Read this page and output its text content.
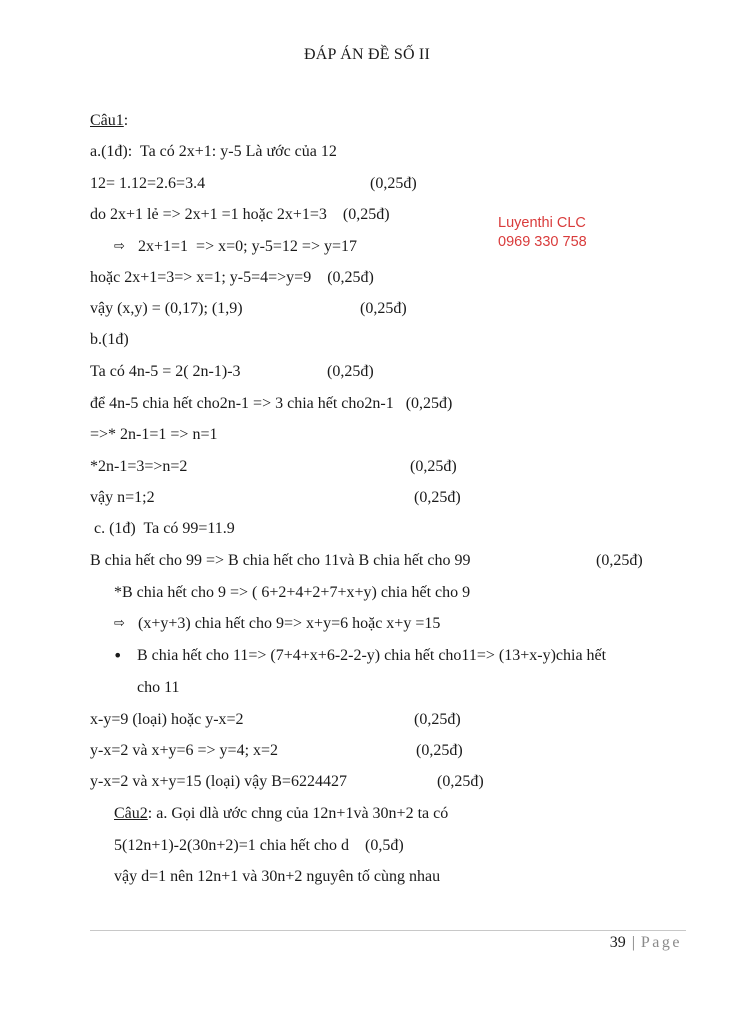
ĐÁP ÁN ĐỀ SỐ II
Luyenthi CLC
0969 330 758
Câu1:
a.(1đ):  Ta có 2x+1: y-5 Là ước của 12
12= 1.12=2.6=3.4	(0,25đ)
do 2x+1 lẻ => 2x+1 =1 hoặc 2x+1=3    (0,25đ)
⇨ 2x+1=1  => x=0; y-5=12 => y=17
hoặc 2x+1=3=> x=1; y-5=4=>y=9    (0,25đ)
vậy (x,y) = (0,17); (1,9)	(0,25đ)
b.(1đ)
Ta có 4n-5 = 2( 2n-1)-3	(0,25đ)
để 4n-5 chia hết cho2n-1 => 3 chia hết cho2n-1   (0,25đ)
=>* 2n-1=1 => n=1
*2n-1=3=>n=2	(0,25đ)
vậy n=1;2	(0,25đ)
c. (1đ)  Ta có 99=11.9
B chia hết cho 99 => B chia hết cho 11và B chia hết cho 99	(0,25đ)
*B chia hết cho 9 => ( 6+2+4+2+7+x+y) chia hết cho 9
⇨ (x+y+3) chia hết cho 9=> x+y=6 hoặc x+y =15
• B chia hết cho 11=> (7+4+x+6-2-2-y) chia hết cho11=> (13+x-y)chia hết
cho 11
x-y=9 (loại) hoặc y-x=2	(0,25đ)
y-x=2 và x+y=6 => y=4; x=2	(0,25đ)
y-x=2 và x+y=15 (loại) vậy B=6224427	(0,25đ)
Câu2: a. Gọi dlà ước chng của 12n+1và 30n+2 ta có
5(12n+1)-2(30n+2)=1 chia hết cho d    (0,5đ)
vậy d=1 nên 12n+1 và 30n+2 nguyên tố cùng nhau
39 | Page
